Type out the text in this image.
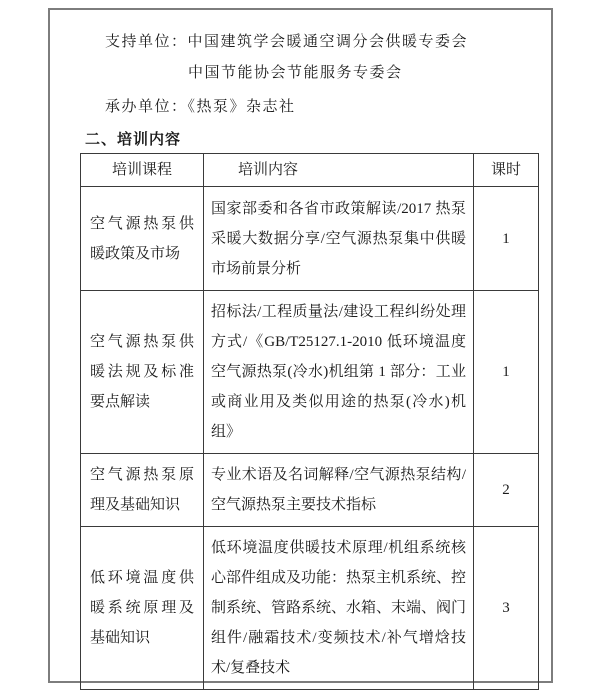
支持单位：中国建筑学会暖通空调分会供暖专委会

中国节能协会节能服务专委会

承办单位：《热泵》杂志社

二、培训内容
培训课程	培训内容	课时
空气源热泵供暖政策及市场	国家部委和各省市政策解读/2017 热泵采暖大数据分享/空气源热泵集中供暖市场前景分析	1
空气源热泵供暖法规及标准要点解读	招标法/工程质量法/建设工程纠纷处理方式/《GB/T25127.1-2010 低环境温度空气源热泵(冷水)机组第 1 部分：工业或商业用及类似用途的热泵(冷水)机组》	1
空气源热泵原理及基础知识	专业术语及名词解释/空气源热泵结构/空气源热泵主要技术指标	2
低环境温度供暖系统原理及基础知识	低环境温度供暖技术原理/机组系统核心部件组成及功能：热泵主机系统、控制系统、管路系统、水箱、末端、阀门组件/融霜技术/变频技术/补气增焓技术/复叠技术	3
